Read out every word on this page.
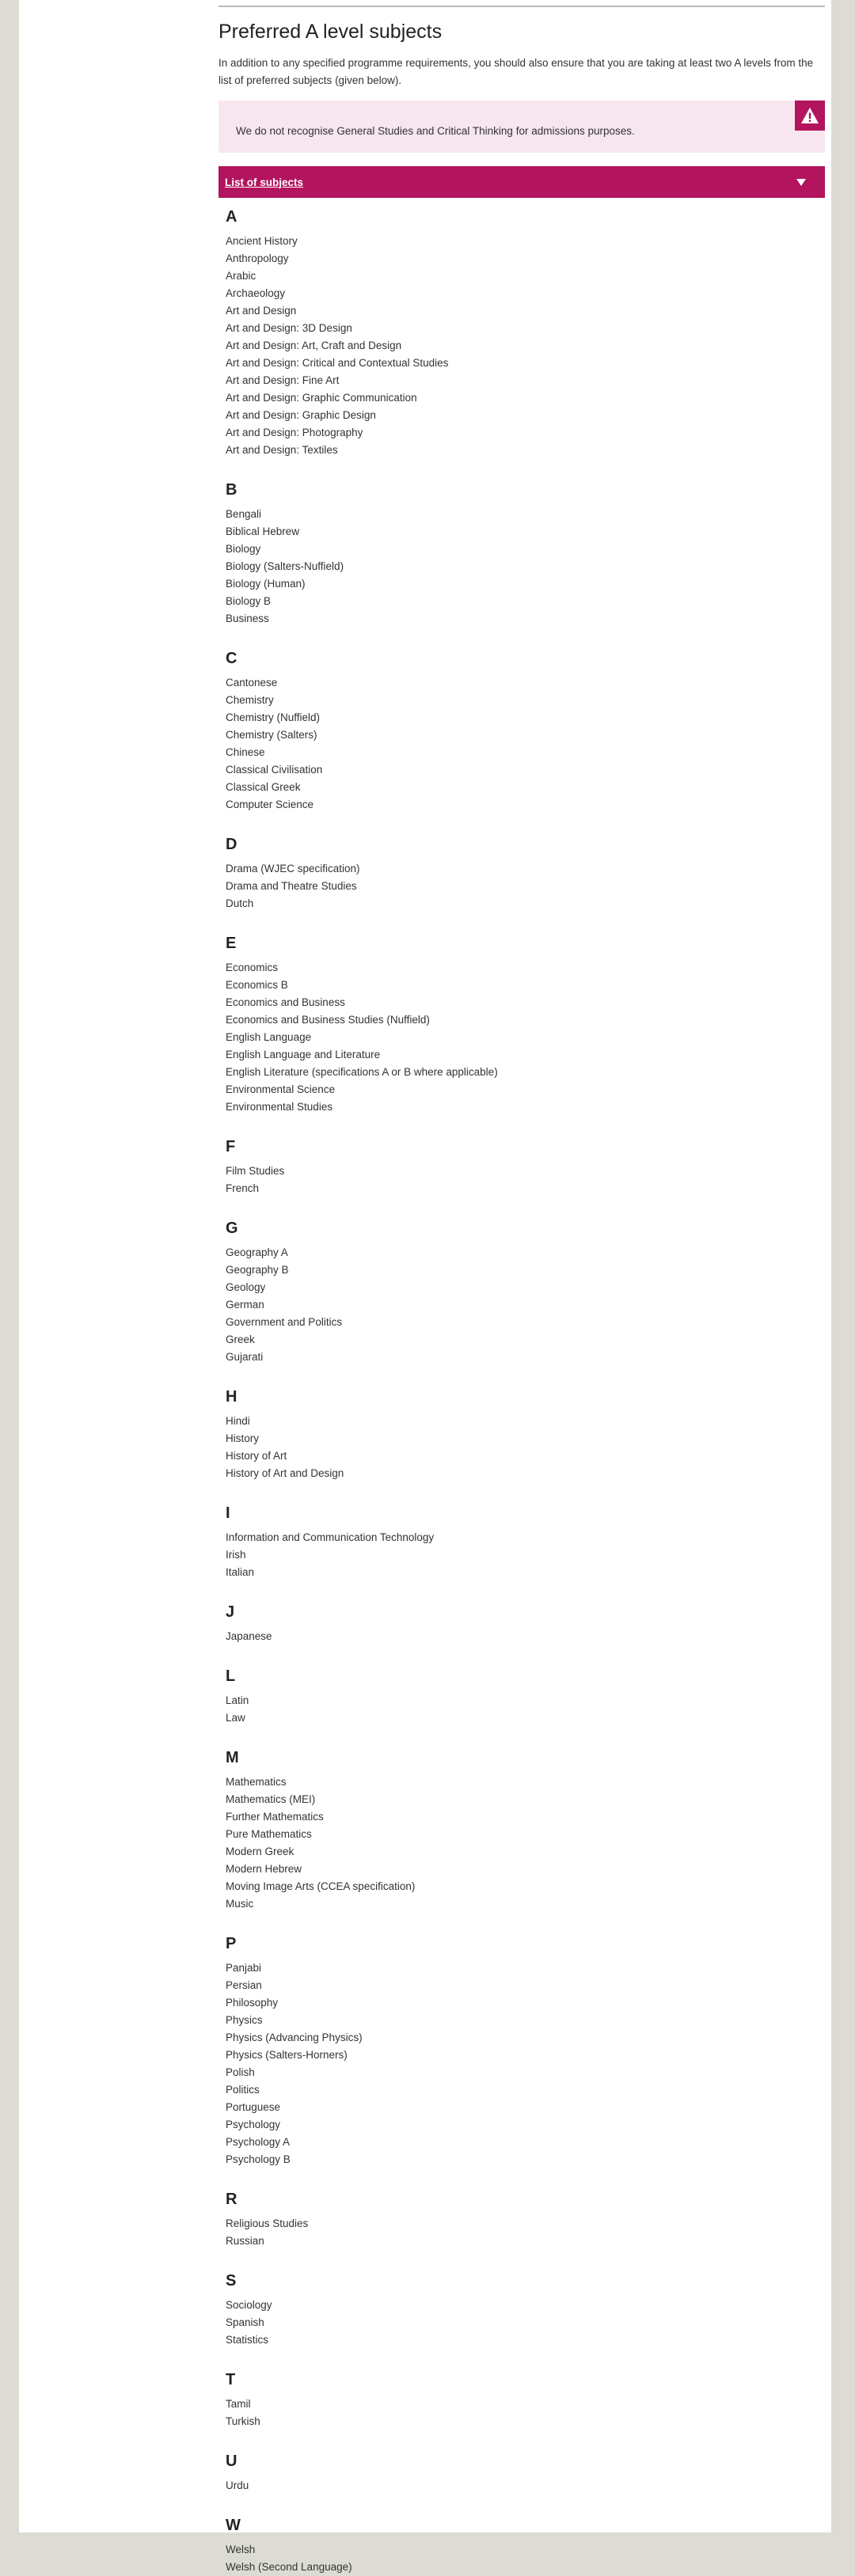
Preferred A level subjects

In addition to any specified programme requirements, you should also ensure that you are taking at least two A levels from the list of preferred subjects (given below).

We do not recognise General Studies and Critical Thinking for admissions purposes.
List of subjects
A
Ancient History
Anthropology
Arabic
Archaeology
Art and Design
Art and Design: 3D Design
Art and Design: Art, Craft and Design
Art and Design: Critical and Contextual Studies
Art and Design: Fine Art
Art and Design: Graphic Communication
Art and Design: Graphic Design
Art and Design: Photography
Art and Design: Textiles
B
Bengali
Biblical Hebrew
Biology
Biology (Salters-Nuffield)
Biology (Human)
Biology B
Business
C
Cantonese
Chemistry
Chemistry (Nuffield)
Chemistry (Salters)
Chinese
Classical Civilisation
Classical Greek
Computer Science
D
Drama (WJEC specification)
Drama and Theatre Studies
Dutch
E
Economics
Economics B
Economics and Business
Economics and Business Studies (Nuffield)
English Language
English Language and Literature
English Literature (specifications A or B where applicable)
Environmental Science
Environmental Studies
F
Film Studies
French
G
Geography A
Geography B
Geology
German
Government and Politics
Greek
Gujarati
H
Hindi
History
History of Art
History of Art and Design
I
Information and Communication Technology
Irish
Italian
J
Japanese
L
Latin
Law
M
Mathematics
Mathematics (MEI)
Further Mathematics
Pure Mathematics
Modern Greek
Modern Hebrew
Moving Image Arts (CCEA specification)
Music
P
Panjabi
Persian
Philosophy
Physics
Physics (Advancing Physics)
Physics (Salters-Horners)
Polish
Politics
Portuguese
Psychology
Psychology A
Psychology B
R
Religious Studies
Russian
S
Sociology
Spanish
Statistics
T
Tamil
Turkish
U
Urdu
W
Welsh
Welsh (Second Language)
